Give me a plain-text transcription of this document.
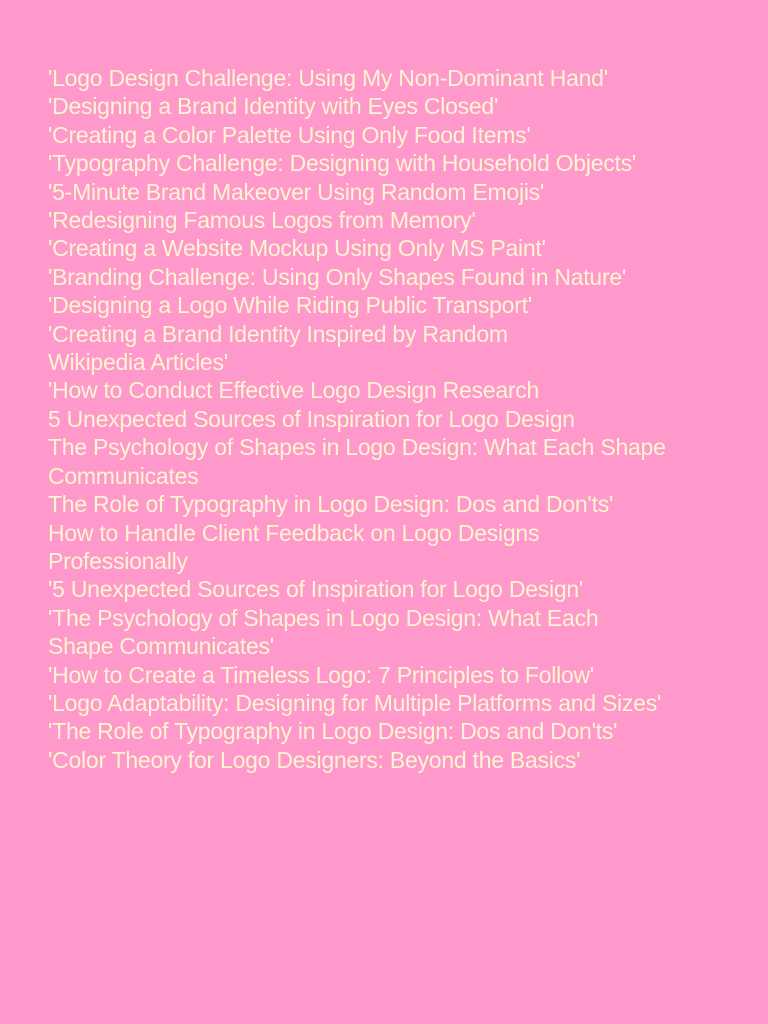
'Logo Design Challenge: Using My Non-Dominant Hand'
'Designing a Brand Identity with Eyes Closed'
'Creating a Color Palette Using Only Food Items'
'Typography Challenge: Designing with Household Objects'
'5-Minute Brand Makeover Using Random Emojis'
'Redesigning Famous Logos from Memory'
'Creating a Website Mockup Using Only MS Paint'
'Branding Challenge: Using Only Shapes Found in Nature'
'Designing a Logo While Riding Public Transport'
'Creating a Brand Identity Inspired by Random Wikipedia Articles'
'How to Conduct Effective Logo Design Research
5 Unexpected Sources of Inspiration for Logo Design
The Psychology of Shapes in Logo Design: What Each Shape Communicates
The Role of Typography in Logo Design: Dos and Don'ts'
How to Handle Client Feedback on Logo Designs Professionally
'5 Unexpected Sources of Inspiration for Logo Design'
'The Psychology of Shapes in Logo Design: What Each Shape Communicates'
'How to Create a Timeless Logo: 7 Principles to Follow'
'Logo Adaptability: Designing for Multiple Platforms and Sizes'
'The Role of Typography in Logo Design: Dos and Don'ts'
'Color Theory for Logo Designers: Beyond the Basics'
